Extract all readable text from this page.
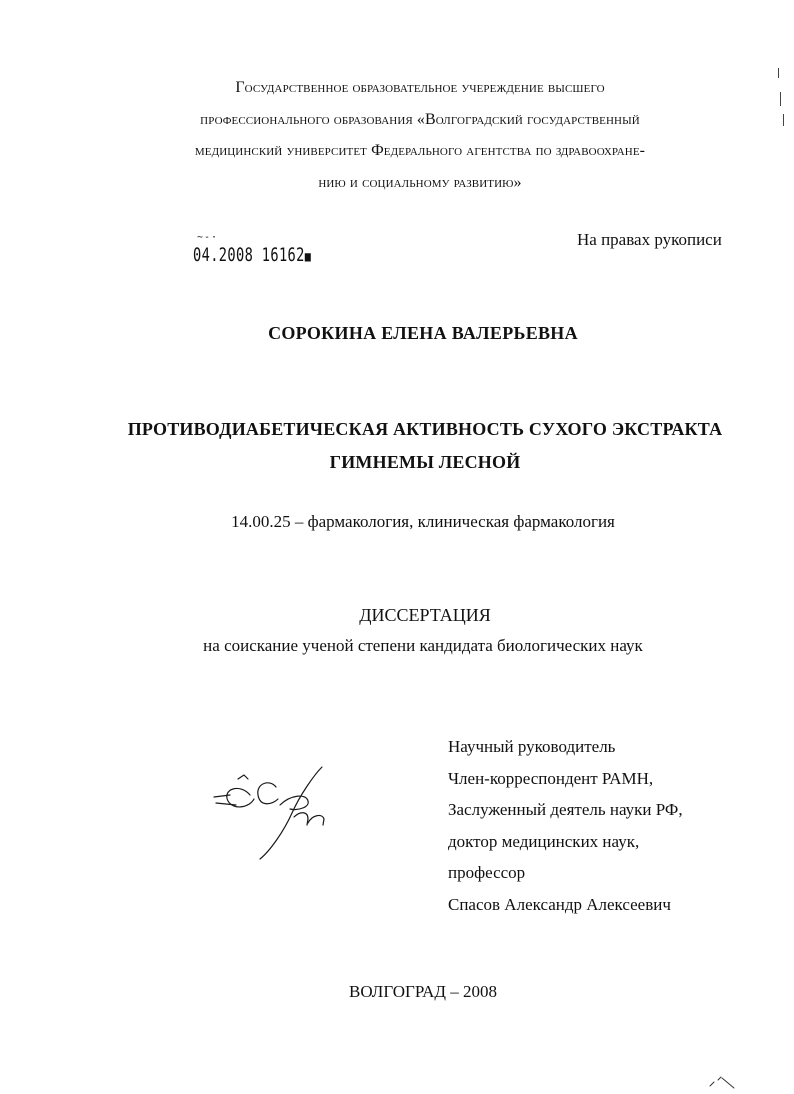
Государственное образовательное учереждение высшего
профессионального образования «Волгоградский государственный
медицинский университет Федерального агентства по здравоохране-
нию и социальному развитию»
~-·
04.2008 16162■
На правах рукописи
СОРОКИНА ЕЛЕНА ВАЛЕРЬЕВНА
ПРОТИВОДИАБЕТИЧЕСКАЯ АКТИВНОСТЬ СУХОГО ЭКСТРАКТА
ГИМНЕМЫ ЛЕСНОЙ
14.00.25 – фармакология, клиническая фармакология
ДИССЕРТАЦИЯ
на соискание ученой степени кандидата биологических наук
Научный руководитель
Член-корреспондент РАМН,
Заслуженный деятель науки РФ,
доктор медицинских наук,
профессор
Спасов Александр Алексеевич
ВОЛГОГРАД – 2008
